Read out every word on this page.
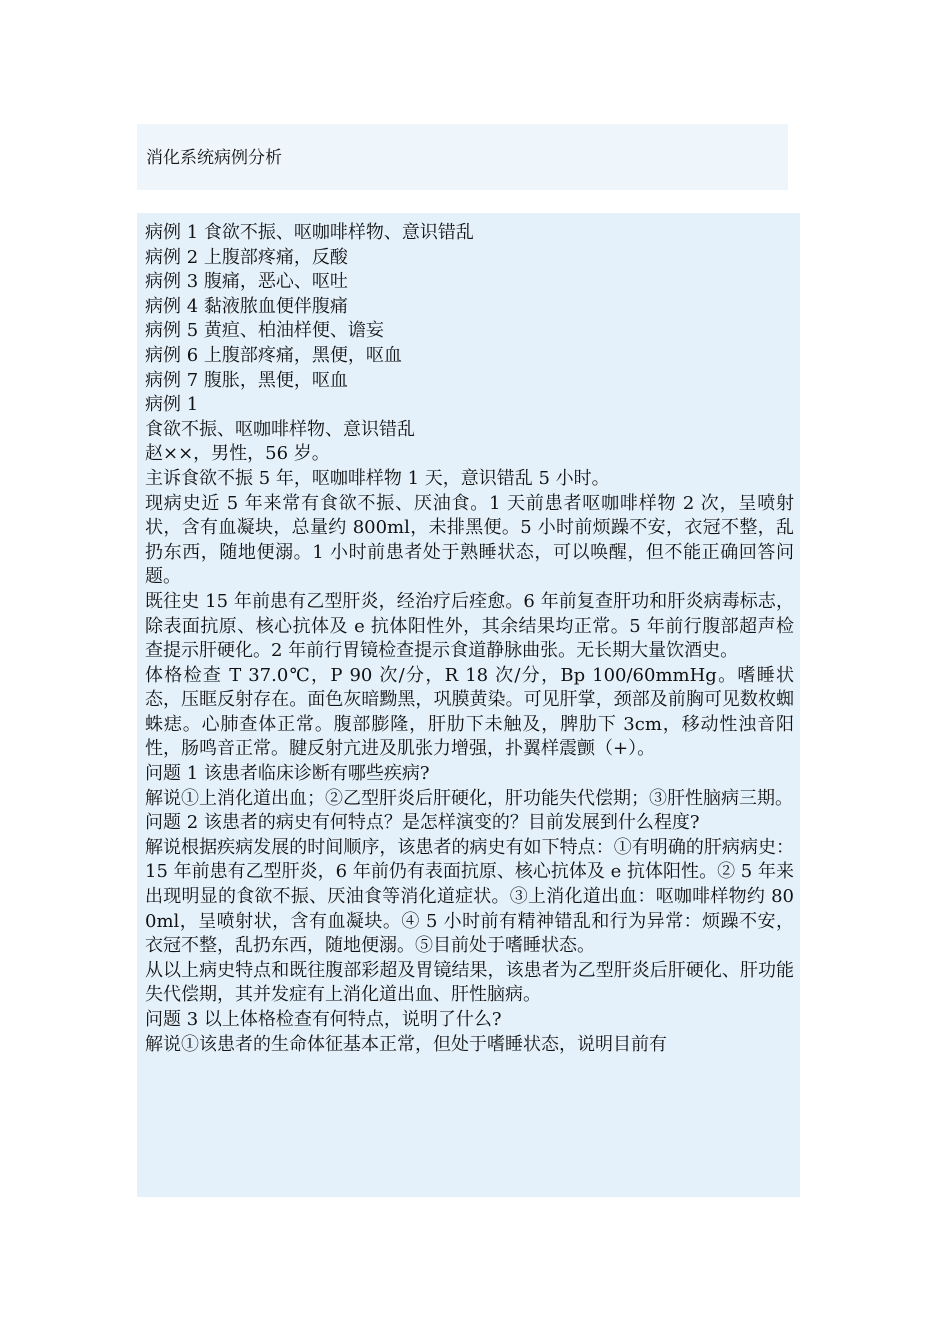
消化系统病例分析

病例 1 食欲不振、呕咖啡样物、意识错乱

病例 2 上腹部疼痛，反酸

病例 3 腹痛，恶心、呕吐

病例 4 黏液脓血便伴腹痛

病例 5 黄疸、柏油样便、谵妄

病例 6 上腹部疼痛，黑便，呕血

病例 7 腹胀，黑便，呕血

病例 1

食欲不振、呕咖啡样物、意识错乱

赵××，男性，56 岁。

主诉食欲不振 5 年，呕咖啡样物 1 天，意识错乱 5 小时。

现病史近 5 年来常有食欲不振、厌油食。1 天前患者呕咖啡样物 2 次，呈喷射状，含有血凝块，总量约 800ml，未排黑便。5 小时前烦躁不安，衣冠不整，乱扔东西，随地便溺。1 小时前患者处于熟睡状态，可以唤醒，但不能正确回答问题。

既往史 15 年前患有乙型肝炎，经治疗后痊愈。6 年前复查肝功和肝炎病毒标志，除表面抗原、核心抗体及 e 抗体阳性外，其余结果均正常。5 年前行腹部超声检查提示肝硬化。2 年前行胃镜检查提示食道静脉曲张。无长期大量饮酒史。

体格检查 T 37.0℃，P 90 次/分，R 18 次/分，Bp 100/60mmHg。嗜睡状态，压眶反射存在。面色灰暗黝黑，巩膜黄染。可见肝掌，颈部及前胸可见数枚蜘蛛痣。心肺查体正常。腹部膨隆，肝肋下未触及，脾肋下 3cm，移动性浊音阳性，肠鸣音正常。腱反射亢进及肌张力增强，扑翼样震颤（+）。

问题 1 该患者临床诊断有哪些疾病?

解说①上消化道出血；②乙型肝炎后肝硬化，肝功能失代偿期；③肝性脑病三期。

问题 2 该患者的病史有何特点？是怎样演变的？目前发展到什么程度?

解说根据疾病发展的时间顺序，该患者的病史有如下特点：①有明确的肝病病史：15 年前患有乙型肝炎，6 年前仍有表面抗原、核心抗体及 e 抗体阳性。② 5 年来出现明显的食欲不振、厌油食等消化道症状。③上消化道出血：呕咖啡样物约 800ml，呈喷射状，含有血凝块。④ 5 小时前有精神错乱和行为异常：烦躁不安，衣冠不整，乱扔东西，随地便溺。⑤目前处于嗜睡状态。

从以上病史特点和既往腹部彩超及胃镜结果，该患者为乙型肝炎后肝硬化、肝功能失代偿期，其并发症有上消化道出血、肝性脑病。

问题 3 以上体格检查有何特点，说明了什么?

解说①该患者的生命体征基本正常，但处于嗜睡状态，说明目前有
